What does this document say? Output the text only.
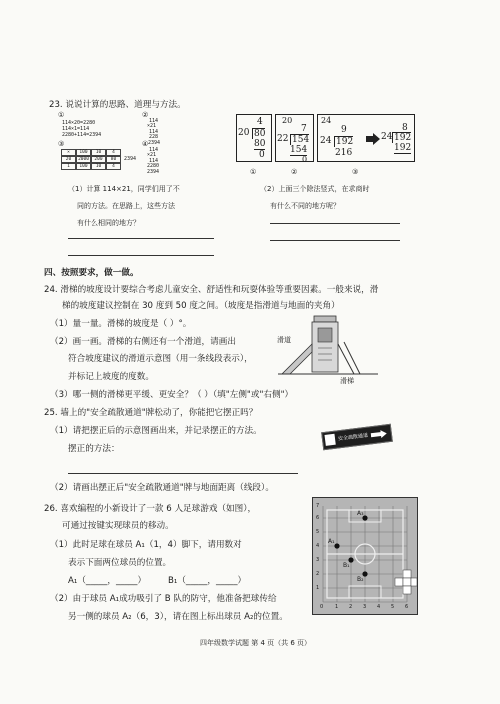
23. 说说计算的思路、道理与方法。
①
114×20=2280
114×1=114
2280+114=2394
②
114
×21
114
228
2394
③
×	100	10	4
20	2000	200	80
1	100	10	4
2394
④
114
×21
114
2280
2394
4
20 80
80
0
20
7
22 154
154
0
24
9
24 192
216
8
24 192
192
①	②	③
（1）计算 114×21，同学们用了不
同的方法。在思路上，这些方法
有什么相同的地方？
（2）上面三个除法竖式，在求商时
有什么不同的地方呢？
四、按照要求，做一做。
24. 滑梯的坡度设计要综合考虑儿童安全、舒适性和玩耍体验等重要因素。一般来说，滑
梯的坡度建议控制在 30 度到 50 度之间。（坡度是指滑道与地面的夹角）
（1）量一量。滑梯的坡度是（ ）°。
（2）画一画。滑梯的右侧还有一个滑道，请画出
符合坡度建议的滑道示意图（用一条线段表示），
并标记上坡度的度数。
（3）哪一侧的滑梯更平缓、更安全？（ ）（填"左侧"或"右侧"）
滑道
滑梯
25. 墙上的"安全疏散通道"牌松动了，你能把它摆正吗？
（1）请把摆正后的示意图画出来，并记录摆正的方法。
摆正的方法：
（2）请画出摆正后"安全疏散通道"牌与地面距离（线段）。
安全疏散通道
26. 喜欢编程的小新设计了一款 6 人足球游戏（如图），
可通过按键实现球员的移动。
（1）此时足球在球员 A₁（1，4）脚下，请用数对
表示下面两位球员的位置。
A₁（_____，_____）	B₁（_____，_____）
（2）由于球员 A₁成功吸引了 B 队的防守，他准备把球传给
另一侧的球员 A₂（6，3），请在图上标出球员 A₂的位置。
A₃
A₁
B₁
B₂
0 1 2 3 4 5 6
1
2
3
4
5
6
7
四年级数学试题 第 4 页（共 6 页）
